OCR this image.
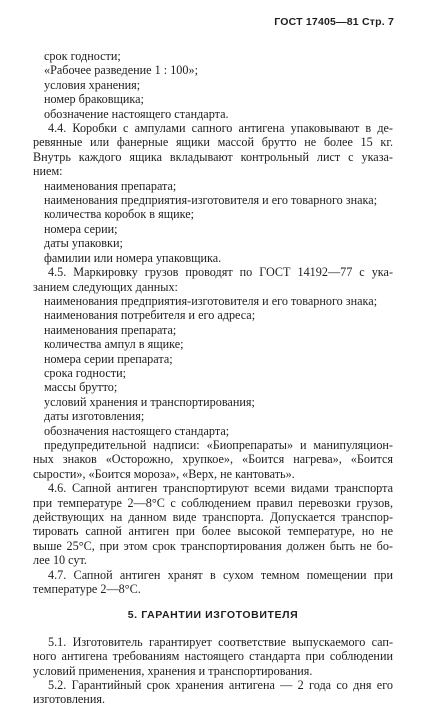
ГОСТ 17405—81 Стр. 7
срок годности;
«Рабочее разведение 1 : 100»;
условия хранения;
номер браковщика;
обозначение настоящего стандарта.
4.4. Коробки с ампулами сапного антигена упаковывают в де-
ревянные или фанерные ящики массой брутто не более 15 кг.
Внутрь каждого ящика вкладывают контрольный лист с указа-
нием:
наименования препарата;
наименования предприятия-изготовителя и его товарного знака;
количества коробок в ящике;
номера серии;
даты упаковки;
фамилии или номера упаковщика.
4.5. Маркировку грузов проводят по ГОСТ 14192—77 с ука-
занием следующих данных:
наименования предприятия-изготовителя и его товарного знака;
наименования потребителя и его адреса;
наименования препарата;
количества ампул в ящике;
номера серии препарата;
срока годности;
массы брутто;
условий хранения и транспортирования;
даты изготовления;
обозначения настоящего стандарта;
предупредительной надписи: «Биопрепараты» и манипуляцион-
ных знаков «Осторожно, хрупкое», «Боится нагрева», «Боится
сырости», «Боится мороза», «Верх, не кантовать».
4.6. Сапной антиген транспортируют всеми видами транспорта
при температуре 2—8°С с соблюдением правил перевозки грузов,
действующих на данном виде транспорта. Допускается транспор-
тировать сапной антиген при более высокой температуре, но не
выше 25°С, при этом срок транспортирования должен быть не бо-
лее 10 сут.
4.7. Сапной антиген хранят в сухом темном помещении при
температуре 2—8°С.
5. ГАРАНТИИ ИЗГОТОВИТЕЛЯ
5.1. Изготовитель гарантирует соответствие выпускаемого сап-
ного антигена требованиям настоящего стандарта при соблюдении
условий применения, хранения и транспортирования.
5.2. Гарантийный срок хранения антигена — 2 года со дня его
изготовления.
